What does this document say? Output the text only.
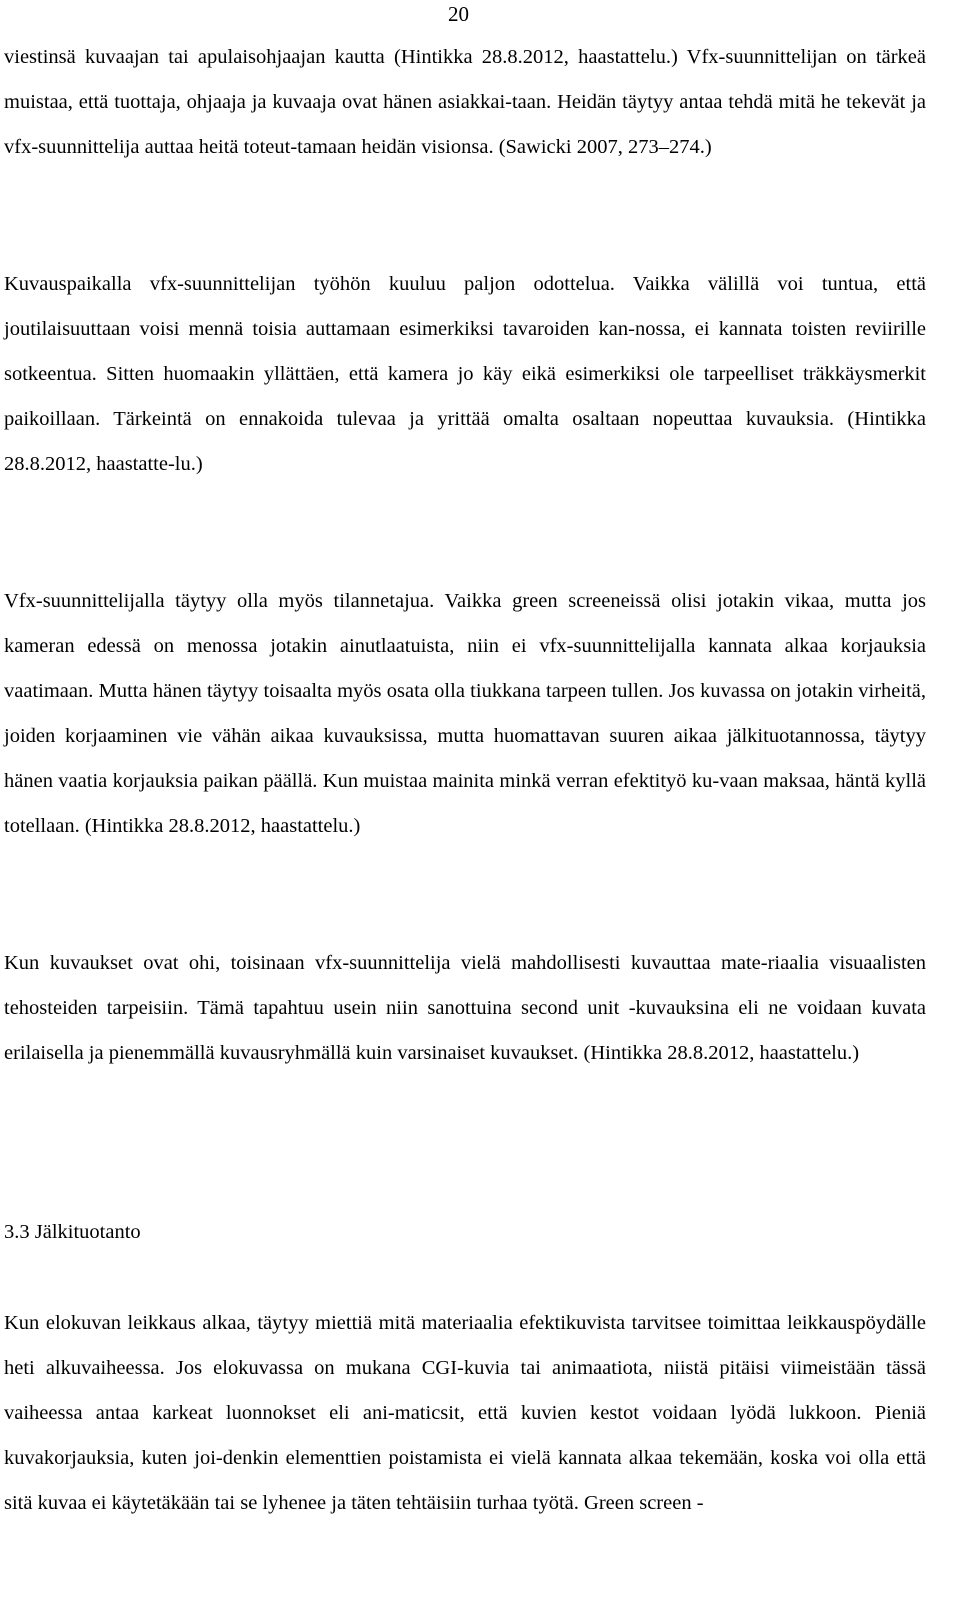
20

viestinsä kuvaajan tai apulaisohjaajan kautta (Hintikka 28.8.2012, haastattelu.) Vfx-suunnittelijan on tärkeä muistaa, että tuottaja, ohjaaja ja kuvaaja ovat hänen asiakkai-taan. Heidän täytyy antaa tehdä mitä he tekevät ja vfx-suunnittelija auttaa heitä toteut-tamaan heidän visionsa. (Sawicki 2007, 273–274.)

Kuvauspaikalla vfx-suunnittelijan työhön kuuluu paljon odottelua. Vaikka välillä voi tuntua, että joutilaisuuttaan voisi mennä toisia auttamaan esimerkiksi tavaroiden kan-nossa, ei kannata toisten reviirille sotkeentua. Sitten huomaakin yllättäen, että kamera jo käy eikä esimerkiksi ole tarpeelliset träkkäysmerkit paikoillaan. Tärkeintä on ennakoida tulevaa ja yrittää omalta osaltaan nopeuttaa kuvauksia. (Hintikka 28.8.2012, haastatte-lu.)

Vfx-suunnittelijalla täytyy olla myös tilannetajua. Vaikka green screeneissä olisi jotakin vikaa, mutta jos kameran edessä on menossa jotakin ainutlaatuista, niin ei vfx-suunnittelijalla kannata alkaa korjauksia vaatimaan. Mutta hänen täytyy toisaalta myös osata olla tiukkana tarpeen tullen. Jos kuvassa on jotakin virheitä, joiden korjaaminen vie vähän aikaa kuvauksissa, mutta huomattavan suuren aikaa jälkituotannossa, täytyy hänen vaatia korjauksia paikan päällä. Kun muistaa mainita minkä verran efektityö ku-vaan maksaa, häntä kyllä totellaan. (Hintikka 28.8.2012, haastattelu.)

Kun kuvaukset ovat ohi, toisinaan vfx-suunnittelija vielä mahdollisesti kuvauttaa mate-riaalia visuaalisten tehosteiden tarpeisiin. Tämä tapahtuu usein niin sanottuina second unit -kuvauksina eli ne voidaan kuvata erilaisella ja pienemmällä kuvausryhmällä kuin varsinaiset kuvaukset. (Hintikka 28.8.2012, haastattelu.)

3.3 Jälkituotanto

Kun elokuvan leikkaus alkaa, täytyy miettiä mitä materiaalia efektikuvista tarvitsee toimittaa leikkauspöydälle heti alkuvaiheessa. Jos elokuvassa on mukana CGI-kuvia tai animaatiota, niistä pitäisi viimeistään tässä vaiheessa antaa karkeat luonnokset eli ani-maticsit, että kuvien kestot voidaan lyödä lukkoon. Pieniä kuvakorjauksia, kuten joi-denkin elementtien poistamista ei vielä kannata alkaa tekemään, koska voi olla että sitä kuvaa ei käytetäkään tai se lyhenee ja täten tehtäisiin turhaa työtä. Green screen -
